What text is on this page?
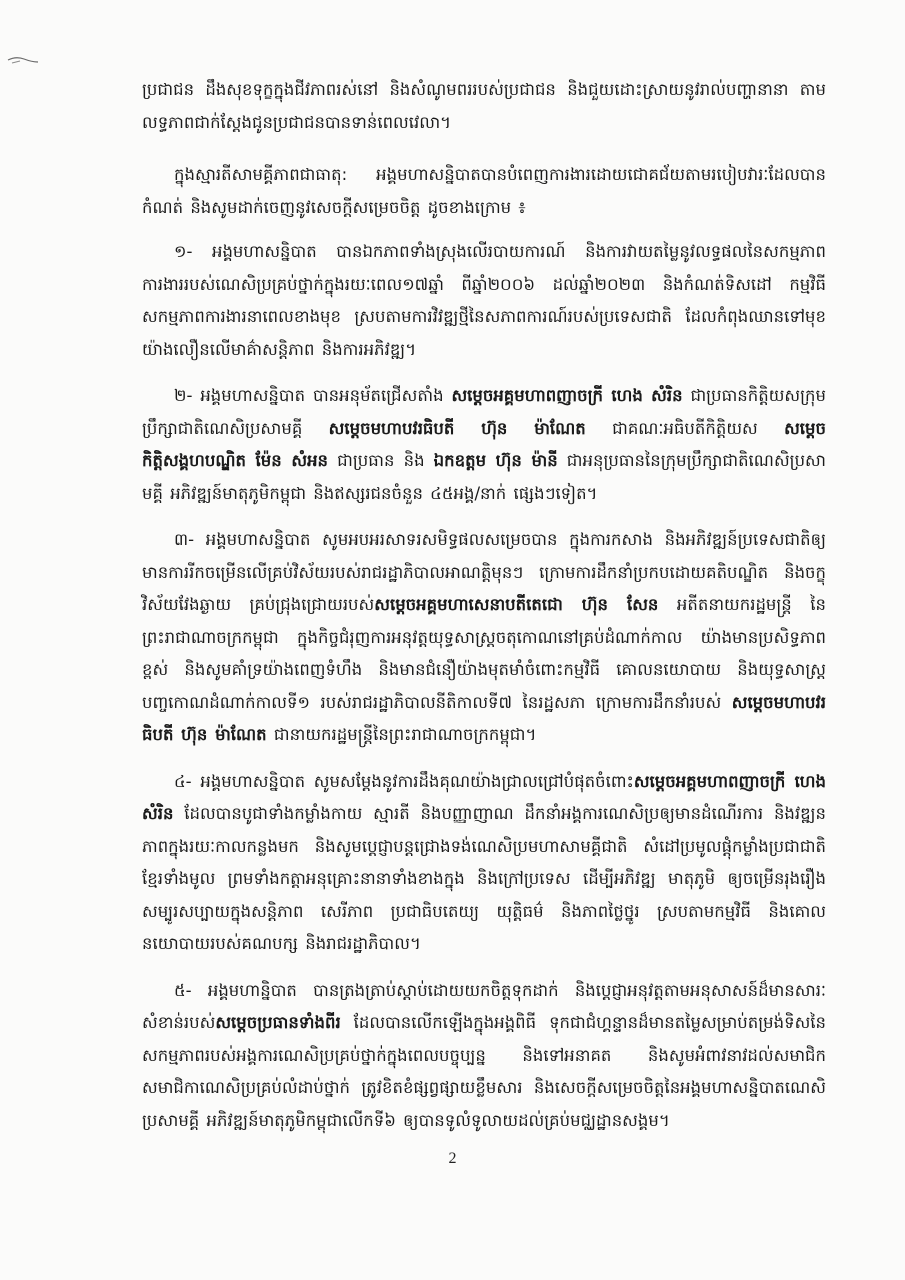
ប្រជាជន ដឹងសុខទុក្ខក្នុងជីវភាពរស់នៅ និងសំណូមពររបស់ប្រជាជន និងជួយដោះស្រាយនូវរាល់បញ្ហានានា តាមលទ្ធភាពជាក់ស្តែងជូនប្រជាជនបានទាន់ពេលវេលា។

ក្នុងស្មារតីសាមគ្គីភាពជាធាតុ: អង្គមហាសន្និបាតបានបំពេញការងារដោយជោគជ័យតាមរបៀបវារៈដែលបានកំណត់ និងសូមដាក់ចេញនូវសេចក្តីសម្រេចចិត្ត ដូចខាងក្រោម ៖

១- អង្គមហាសន្និបាត បានឯកភាពទាំងស្រុងលើរបាយការណ៍ និងការវាយតម្លៃនូវលទ្ធផលនៃសកម្មភាពការងាររបស់ណេសិប្រគ្រប់ថ្នាក់ក្នុងរយៈពេល១៧ឆ្នាំ ពីឆ្នាំ២០០៦ ដល់ឆ្នាំ២០២៣ និងកំណត់ទិសដៅ កម្មវិធី សកម្មភាពការងារនាពេលខាងមុខ ស្របតាមការវិវឌ្ឍថ្មីនៃសភាពការណ៍របស់ប្រទេសជាតិ ដែលកំពុងឈានទៅមុខយ៉ាងលឿនលើមាគ៌ាសន្តិភាព និងការអភិវឌ្ឍ។

២- អង្គមហាសន្និបាត បានអនុម័តជ្រើសតាំង សម្តេចអគ្គមហាពញាចក្រី ហេង សំរិន ជាប្រធានកិត្តិយសក្រុមប្រឹក្សាជាតិណេសិប្រសាមគ្គី សម្តេចមហាបវរធិបតី ហ៊ុន ម៉ាណែត ជាគណៈអធិបតីកិត្តិយស សម្តេចកិត្តិសង្គហបណ្ឌិត ម៉ែន សំអន ជាប្រធាន និង ឯកឧត្តម ហ៊ុន ម៉ានី ជាអនុប្រធាននៃក្រុមប្រឹក្សាជាតិណេសិប្រសាមគ្គី អភិវឌ្ឍន៍មាតុភូមិកម្ពុជា និងឥស្សរជនចំនួន ៤៥អង្គ/នាក់ ផ្សេងៗទៀត។

៣- អង្គមហាសន្និបាត សូមអបអរសាទរសមិទ្ធផលសម្រេចបាន ក្នុងការកសាង និងអភិវឌ្ឍន៍ប្រទេសជាតិឲ្យមានការរីកចម្រើនលើគ្រប់វិស័យរបស់រាជរដ្ឋាភិបាលអាណត្តិមុនៗ ក្រោមការដឹកនាំប្រកបដោយគតិបណ្ឌិត និងចក្ខុវិស័យវែងឆ្ងាយ គ្រប់ជ្រុងជ្រោយរបស់សម្តេចអគ្គមហាសេនាបតីតេជោ ហ៊ុន សែន អតីតនាយករដ្ឋមន្ត្រី នៃព្រះរាជាណាចក្រកម្ពុជា ក្នុងកិច្ចជំរុញការអនុវត្តយុទ្ធសាស្ត្រចតុកោណនៅគ្រប់ដំណាក់កាល យ៉ាងមានប្រសិទ្ធភាពខ្ពស់ និងសូមគាំទ្រយ៉ាងពេញទំហឹង និងមានជំនឿយ៉ាងមុតមាំចំពោះកម្មវិធី គោលនយោបាយ និងយុទ្ធសាស្ត្របញ្ចកោណដំណាក់កាលទី១ របស់រាជរដ្ឋាភិបាលនីតិកាលទី៧ នៃរដ្ឋសភា ក្រោមការដឹកនាំរបស់ សម្តេចមហាបវរធិបតី ហ៊ុន ម៉ាណែត ជានាយករដ្ឋមន្ត្រីនៃព្រះរាជាណាចក្រកម្ពុជា។

៤- អង្គមហាសន្និបាត សូមសម្តែងនូវការដឹងគុណយ៉ាងជ្រាលជ្រៅបំផុតចំពោះសម្តេចអគ្គមហាពញាចក្រី ហេង សំរិន ដែលបានបូជាទាំងកម្លាំងកាយ ស្មារតី និងបញ្ញាញាណ ដឹកនាំអង្គការណេសិប្រឲ្យមានដំណើរការ និងវឌ្ឍនភាពក្នុងរយៈកាលកន្លងមក និងសូមប្តេជ្ញាបន្តជ្រោងទង់ណេសិប្រមហាសាមគ្គីជាតិ សំដៅប្រមូលផ្តុំកម្លាំងប្រជាជាតិខ្មែរទាំងមូល ព្រមទាំងកត្តាអនុគ្រោះនានាទាំងខាងក្នុង និងក្រៅប្រទេស ដើម្បីអភិវឌ្ឍ មាតុភូមិ ឲ្យចម្រើនរុងរឿង សម្បូរសប្បាយក្នុងសន្តិភាព សេរីភាព ប្រជាធិបតេយ្យ យុត្តិធម៌ និងភាពថ្លៃថ្នូរ ស្របតាមកម្មវិធី និងគោលនយោបាយរបស់គណបក្ស និងរាជរដ្ឋាភិបាល។

៥- អង្គមហាន្និបាត បានត្រងត្រាប់ស្តាប់ដោយយកចិត្តទុកដាក់ និងប្តេជ្ញាអនុវត្តតាមអនុសាសន៍ដ៏មានសារៈសំខាន់របស់សម្តេចប្រធានទាំងពីរ ដែលបានលើកឡើងក្នុងអង្គពិធី ទុកជាជំហ្គន្ទានដ៏មានតម្លៃសម្រាប់តម្រង់ទិសនៃសកម្មភាពរបស់អង្គការណេសិប្រគ្រប់ថ្នាក់ក្នុងពេលបច្ចុប្បន្ន និងទៅអនាគត និងសូមអំពាវនាវដល់សមាជិក សមាជិកាណេសិប្រគ្រប់លំដាប់ថ្នាក់ ត្រូវខិតខំផ្សព្វផ្សាយខ្លឹមសារ និងសេចក្តីសម្រេចចិត្តនៃអង្គមហាសន្និបាតណេសិប្រសាមគ្គី អភិវឌ្ឍន៍មាតុភូមិកម្ពុជាលើកទី៦ ឲ្យបានទូលំទូលាយដល់គ្រប់មជ្ឈដ្ឋានសង្គម។

2
